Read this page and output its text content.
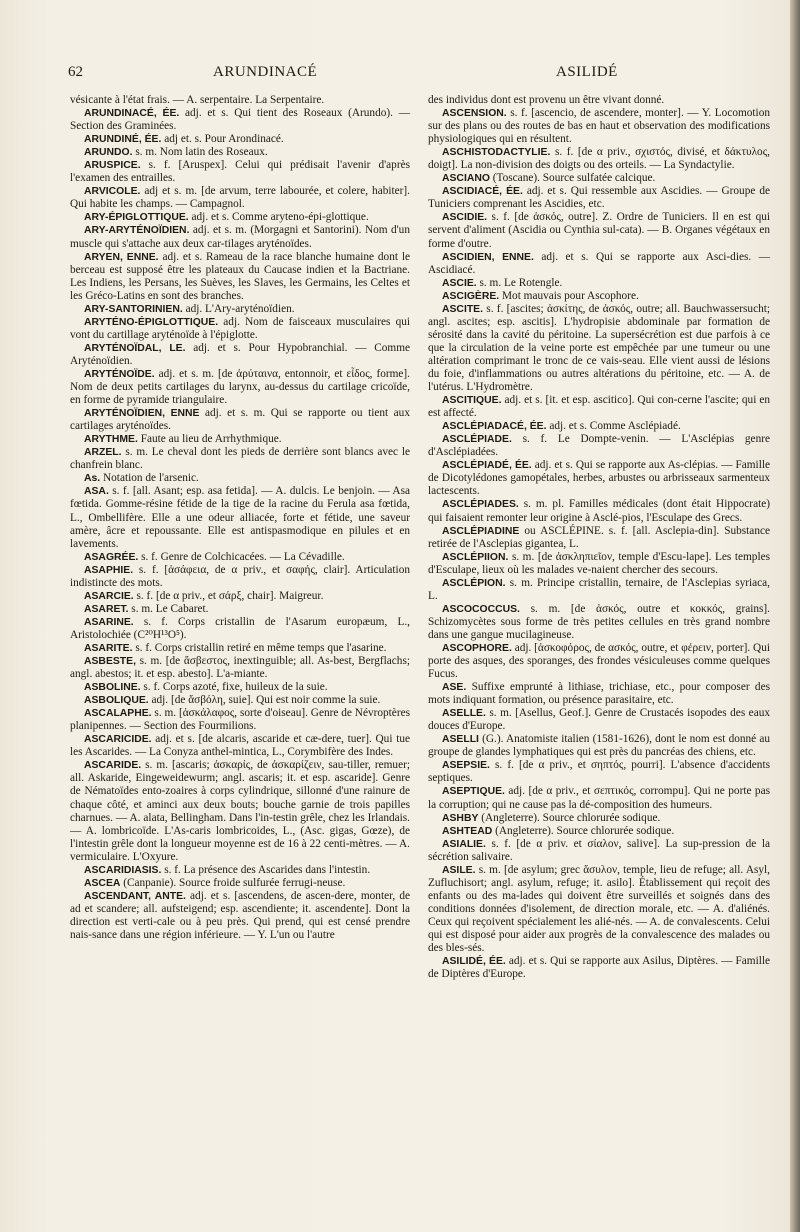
62	ARUNDINACÉ	ASILIDÉ

vésicante à l'état frais. — A. serpentaire. La Serpentaire.

ARUNDINACÉ, ÉE. adj. et s. Qui tient des Roseaux (Arundo). — Section des Graminées.

ARUNDINÉ, ÉE. adj et. s. Pour Arondinacé.

ARUNDO. s. m. Nom latin des Roseaux.

ARUSPICE. s. f. [Aruspex]. Celui qui prédisait l'avenir d'après l'examen des entrailles.

ARVICOLE. adj et s. m. [de arvum, terre labourée, et colere, habiter]. Qui habite les champs. — Campagnol.

ARY-ÉPIGLOTTIQUE. adj. et s. Comme aryteno-épi-glottique.

ARY-ARYTÉNOÏDIEN. adj. et s. m. (Morgagni et Santorini). Nom d'un muscle qui s'attache aux deux car-tilages aryténoïdes.

ARYEN, ENNE. adj. et s. Rameau de la race blanche humaine dont le berceau est supposé être les plateaux du Caucase indien et la Bactriane. Les Indiens, les Persans, les Suèves, les Slaves, les Germains, les Celtes et les Gréco-Latins en sont des branches.

ARY-SANTORINIEN. adj. L'Ary-aryténoïdien.

ARYTÉNO-ÉPIGLOTTIQUE. adj. Nom de faisceaux musculaires qui vont du cartillage aryténoïde à l'épiglotte.

ARYTÉNOÏDAL, LE. adj. et s. Pour Hypobranchial. — Comme Aryténoïdien.

ARYTÉNOÏDE. adj. et s. m. [de ἀρύταινα, entonnoir, et εἶδος, forme]. Nom de deux petits cartilages du larynx, au-dessus du cartilage cricoïde, en forme de pyramide triangulaire.

ARYTÉNOÏDIEN, ENNE adj. et s. m. Qui se rapporte ou tient aux cartilages aryténoïdes.

ARYTHME. Faute au lieu de Arrhythmique.

ARZEL. s. m. Le cheval dont les pieds de derrière sont blancs avec le chanfrein blanc.

As. Notation de l'arsenic.

ASA. s. f. [all. Asant; esp. asa fetida]. — A. dulcis. Le benjoin. — Asa fœtida. Gomme-résine fétide de la tige de la racine du Ferula asa fœtida, L., Ombellifère. Elle a une odeur alliacée, forte et fétide, une saveur amère, âcre et repoussante. Elle est antispasmodique en pilules et en lavements.

ASAGRÉE. s. f. Genre de Colchicacées. — La Cévadille.

ASAPHIE. s. f. [ἀσάφεια, de α priv., et σαφής, clair]. Articulation indistincte des mots.

ASARCIE. s. f. [de α priv., et σάρξ, chair]. Maigreur.

ASARET. s. m. Le Cabaret.

ASARINE. s. f. Corps cristallin de l'Asarum europæum, L., Aristolochiée (C²⁰H¹³O⁵).

ASARITE. s. f. Corps cristallin retiré en même temps que l'asarine.

ASBESTE, s. m. [de ἄσβεστος, inextinguible; all. As-best, Bergflachs; angl. abestos; it. et esp. abesto]. L'a-miante.

ASBOLINE. s. f. Corps azoté, fixe, huileux de la suie.

ASBOLIQUE. adj. [de ἄσβόλη, suie]. Qui est noir comme la suie.

ASCALAPHE. s. m. [ἀσκάλαφος, sorte d'oiseau]. Genre de Névroptères planipennes. — Section des Fourmilions.

ASCARICIDE. adj. et s. [de alcaris, ascaride et cæ-dere, tuer]. Qui tue les Ascarides. — La Conyza anthel-mintica, L., Corymbifère des Indes.

ASCARIDE. s. m. [ascaris; ἀσκαρίς, de ἀσκαρίζειν, sau-tiller, remuer; all. Askaride, Eingeweidewurm; angl. ascaris; it. et esp. ascaride]. Genre de Nématoïdes ento-zoaires à corps cylindrique, sillonné d'une rainure de chaque côté, et aminci aux deux bouts; bouche garnie de trois papilles charnues. — A. alata, Bellingham. Dans l'in-testin grêle, chez les Irlandais. — A. lombricoïde. L'As-caris lombricoides, L., (Asc. gigas, Gœze), de l'intestin grêle dont la longueur moyenne est de 16 à 22 centi-mètres. — A. vermiculaire. L'Oxyure.

ASCARIDIASIS. s. f. La présence des Ascarides dans l'intestin.

ASCEA (Canpanie). Source froide sulfurée ferrugi-neuse.

ASCENDANT, ANTE. adj. et s. [ascendens, de ascen-dere, monter, de ad et scandere; all. aufsteigend; esp. ascendiente; it. ascendente]. Dont la direction est verti-cale ou à peu près. Qui prend, qui est censé prendre nais-sance dans une région inférieure. — Y. L'un ou l'autre

des individus dont est provenu un être vivant donné.

ASCENSION. s. f. [ascencio, de ascendere, monter]. — Y. Locomotion sur des plans ou des routes de bas en haut et observation des modifications physiologiques qui en résultent.

ASCHISTODACTYLIE. s. f. [de α priv., σχιστός, divisé, et δάκτυλος, doigt]. La non-division des doigts ou des orteils. — La Syndactylie.

ASCIANO (Toscane). Source sulfatée calcique.

ASCIDIACÉ, ÉE. adj. et s. Qui ressemble aux Ascidies. — Groupe de Tuniciers comprenant les Ascidies, etc.

ASCIDIE. s. f. [de ἀσκός, outre]. Z. Ordre de Tuniciers. Il en est qui servent d'aliment (Ascidia ou Cynthia sul-cata). — B. Organes végétaux en forme d'outre.

ASCIDIEN, ENNE. adj. et s. Qui se rapporte aux Asci-dies. — Ascidiacé.

ASCIE. s. m. Le Rotengle.

ASCIGÈRE. Mot mauvais pour Ascophore.

ASCITE. s. f. [ascites; ἀσκίτης, de ἀσκός, outre; all. Bauchwassersucht; angl. ascites; esp. ascitis]. L'hydropisie abdominale par formation de sérosité dans la cavité du péritoine. La supersécrétion est due parfois à ce que la circulation de la veine porte est empêchée par une tumeur ou une altération comprimant le tronc de ce vais-seau. Elle vient aussi de lésions du foie, d'inflammations ou autres altérations du péritoine, etc. — A. de l'utérus. L'Hydromètre.

ASCITIQUE. adj. et s. [it. et esp. ascitico]. Qui con-cerne l'ascite; qui en est affecté.

ASCLÉPIADACÉ, ÉE. adj. et s. Comme Asclépiadé.

ASCLÉPIADE. s. f. Le Dompte-venin. — L'Asclépias genre d'Asclépiadées.

ASCLÉPIADÉ, ÉE. adj. et s. Qui se rapporte aux As-clépias. — Famille de Dicotylédones gamopétales, herbes, arbustes ou arbrisseaux sarmenteux lactescents.

ASCLÉPIADES. s. m. pl. Familles médicales (dont était Hippocrate) qui faisaient remonter leur origine à Asclé-pios, l'Esculape des Grecs.

ASCLÉPIADINE ou ASCLÉPINE. s. f. [all. Asclepia-din]. Substance retirée de l'Asclepias gigantea, L.

ASCLÉPIION. s. m. [de ἀσκληπιεῖον, temple d'Escu-lape]. Les temples d'Esculape, lieux où les malades ve-naient chercher des secours.

ASCLÉPION. s. m. Principe cristallin, ternaire, de l'Asclepias syriaca, L.

ASCOCOCCUS. s. m. [de ἀσκός, outre et κοκκός, grains]. Schizomycètes sous forme de très petites cellules en très grand nombre dans une gangue mucilagineuse.

ASCOPHORE. adj. [ἀσκοφόρος, de ασκός, outre, et φέρειν, porter]. Qui porte des asques, des sporanges, des frondes vésiculeuses comme quelques Fucus.

ASE. Suffixe emprunté à lithiase, trichiase, etc., pour composer des mots indiquant formation, ou présence parasitaire, etc.

ASELLE. s. m. [Asellus, Geof.]. Genre de Crustacés isopodes des eaux douces d'Europe.

ASELLI (G.). Anatomiste italien (1581-1626), dont le nom est donné au groupe de glandes lymphatiques qui est près du pancréas des chiens, etc.

ASEPSIE. s. f. [de α priv., et σηπτός, pourri]. L'absence d'accidents septiques.

ASEPTIQUE. adj. [de α priv., et σεπτικός, corrompu]. Qui ne porte pas la corruption; qui ne cause pas la dé-composition des humeurs.

ASHBY (Angleterre). Source chlorurée sodique.

ASHTEAD (Angleterre). Source chlorurée sodique.

ASIALIE. s. f. [de α priv. et σίαλον, salive]. La sup-pression de la sécrétion salivaire.

ASILE. s. m. [de asylum; grec ἄσυλον, temple, lieu de refuge; all. Asyl, Zufluchisort; angl. asylum, refuge; it. asilo]. Établissement qui reçoit des enfants ou des ma-lades qui doivent être surveillés et soignés dans des conditions données d'isolement, de direction morale, etc. — A. d'aliénés. Ceux qui reçoivent spécialement les alié-nés. — A. de convalescents. Celui qui est disposé pour aider aux progrès de la convalescence des malades ou des bles-sés.

ASILIDÉ, ÉE. adj. et s. Qui se rapporte aux Asilus, Diptères. — Famille de Diptères d'Europe.
